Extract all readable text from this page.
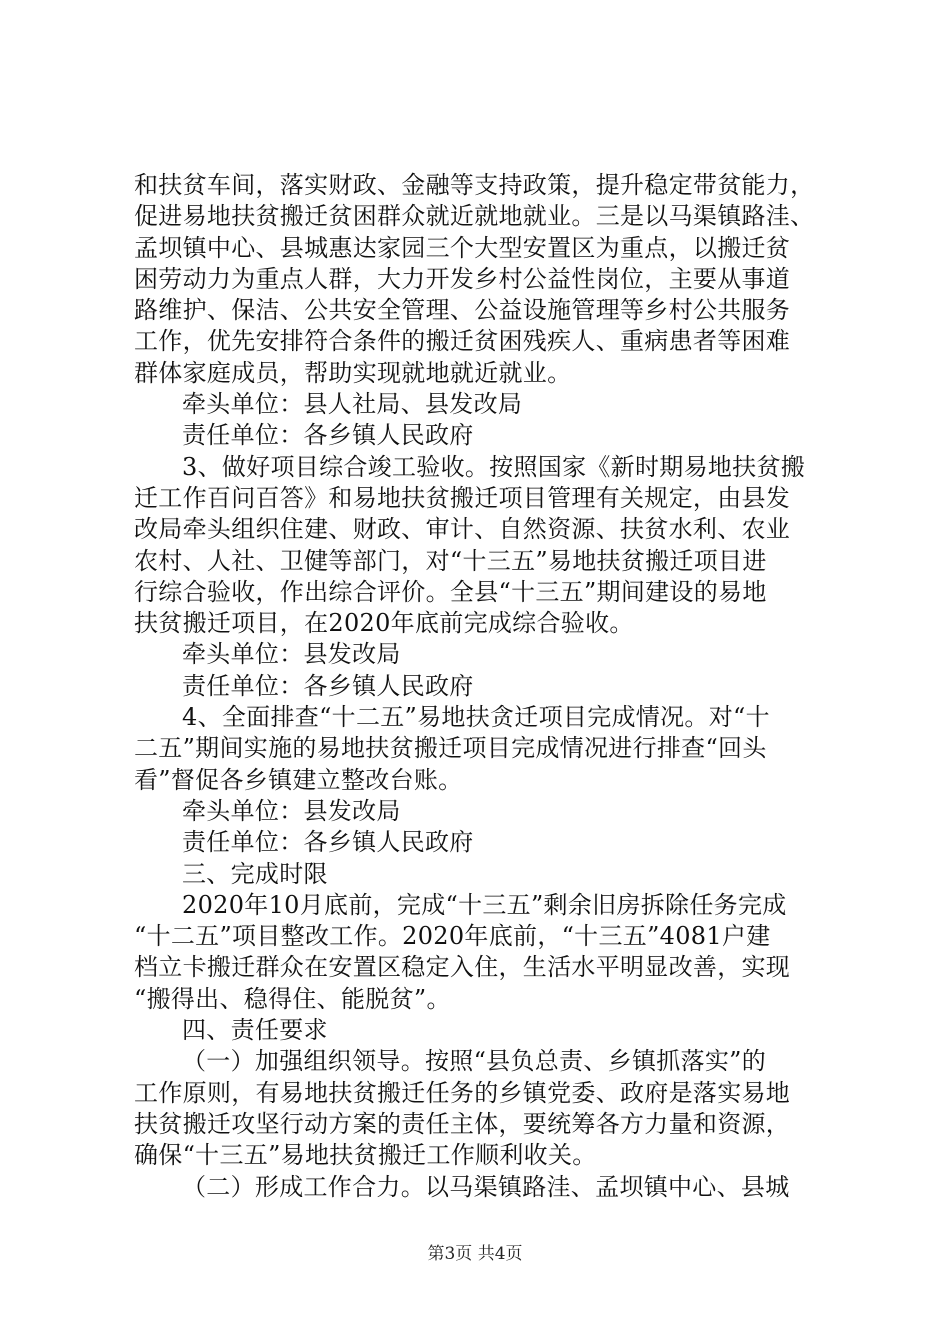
和扶贫车间，落实财政、金融等支持政策，提升稳定带贫能力，
促进易地扶贫搬迁贫困群众就近就地就业。三是以马渠镇路洼、
孟坝镇中心、县城惠达家园三个大型安置区为重点，以搬迁贫
困劳动力为重点人群，大力开发乡村公益性岗位，主要从事道
路维护、保洁、公共安全管理、公益设施管理等乡村公共服务
工作，优先安排符合条件的搬迁贫困残疾人、重病患者等困难
群体家庭成员，帮助实现就地就近就业。
牵头单位：县人社局、县发改局
责任单位：各乡镇人民政府
3、做好项目综合竣工验收。按照国家《新时期易地扶贫搬
迁工作百问百答》和易地扶贫搬迁项目管理有关规定，由县发
改局牵头组织住建、财政、审计、自然资源、扶贫水利、农业
农村、人社、卫健等部门，对“十三五”易地扶贫搬迁项目进
行综合验收，作出综合评价。全县“十三五”期间建设的易地
扶贫搬迁项目，在2020年底前完成综合验收。
牵头单位：县发改局
责任单位：各乡镇人民政府
4、全面排查“十二五”易地扶贪迁项目完成情况。对“十
二五”期间实施的易地扶贫搬迁项目完成情况进行排查“回头
看”督促各乡镇建立整改台账。
牵头单位：县发改局
责任单位：各乡镇人民政府
三、完成时限
2020年10月底前，完成“十三五”剩余旧房拆除任务完成
“十二五”项目整改工作。2020年底前，“十三五”4081户建
档立卡搬迁群众在安置区稳定入住，生活水平明显改善，实现
“搬得出、稳得住、能脱贫”。
四、责任要求
（一）加强组织领导。按照“县负总责、乡镇抓落实”的
工作原则，有易地扶贫搬迁任务的乡镇党委、政府是落实易地
扶贫搬迁攻坚行动方案的责任主体，要统筹各方力量和资源，
确保“十三五”易地扶贫搬迁工作顺利收关。
（二）形成工作合力。以马渠镇路洼、孟坝镇中心、县城
第3页 共4页
